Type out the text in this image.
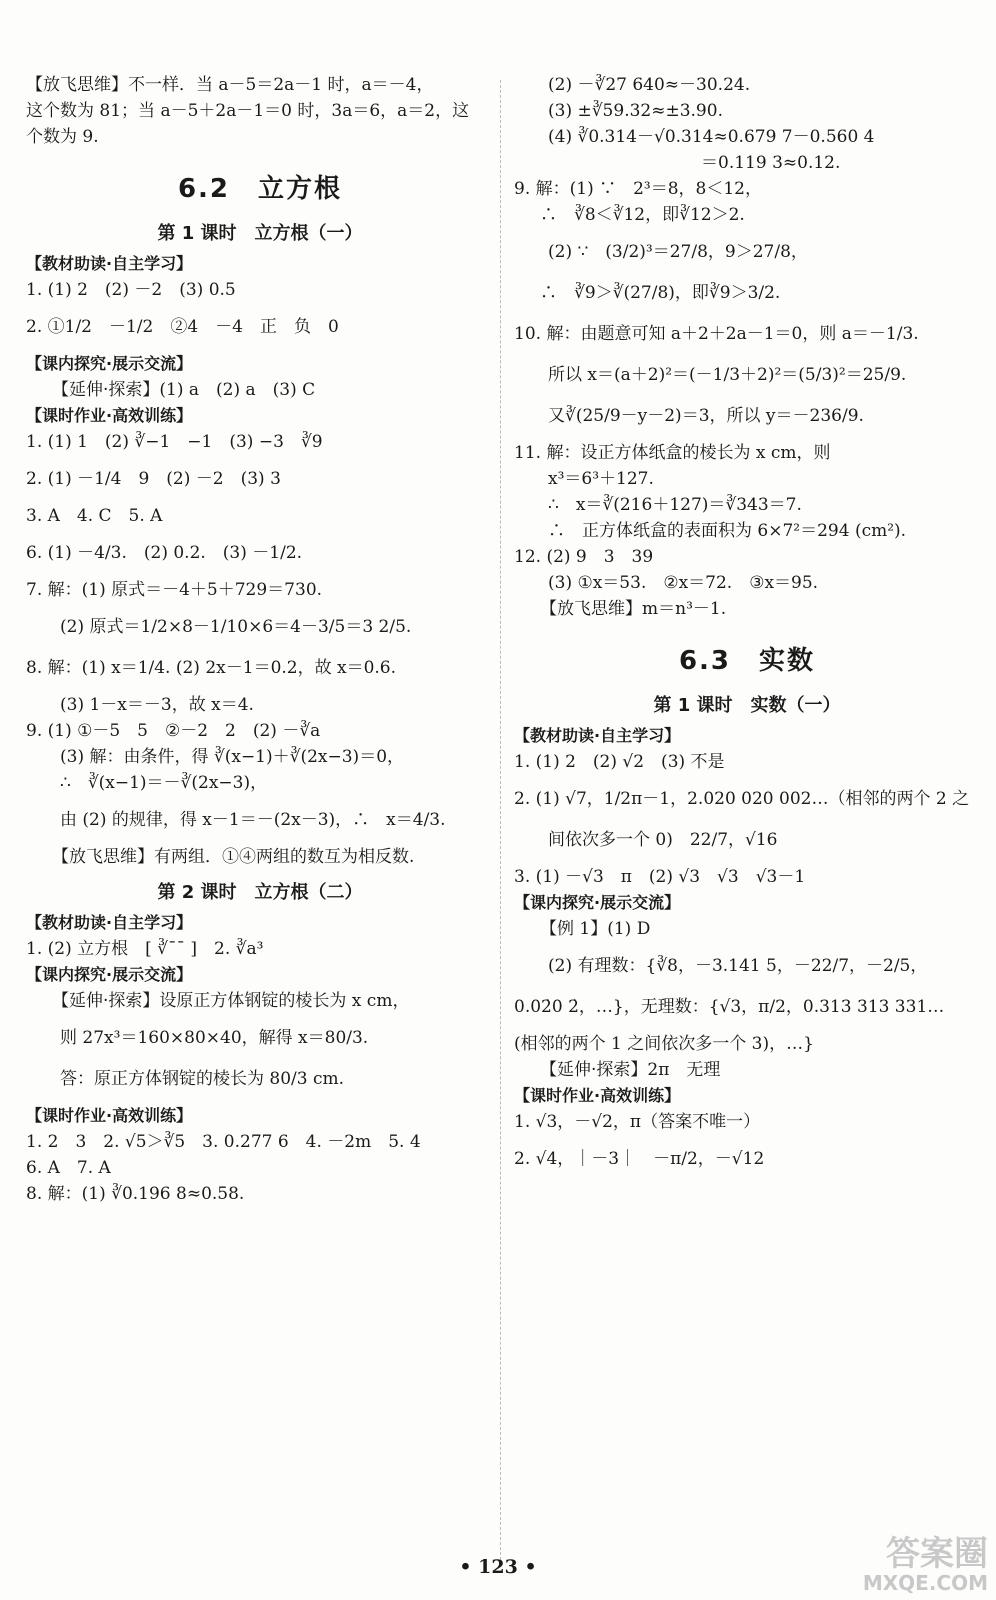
【放飞思维】不一样．当 a－5＝2a－1 时，a＝－4，
这个数为 81；当 a－5＋2a－1＝0 时，3a＝6，a＝2，这
个数为 9.
6.2　立方根
第 1 课时　立方根（一）
【教材助读·自主学习】
1. (1) 2　(2) －2　(3) 0.5
2. ①1/2　－1/2　②4　－4　正　负　0
【课内探究·展示交流】
【延伸·探索】(1) a　(2) a　(3) C
【课时作业·高效训练】
1. (1) 1　(2) ∛−1　−1　(3) −3　∛9
2. (1) －1/4　9　(2) －2　(3) 3
3. A　4. C　5. A
6. (1) －4/3.　(2) 0.2.　(3) －1/2.
7. 解：(1) 原式＝－4＋5＋729＝730.
(2) 原式＝1/2×8－1/10×6＝4－3/5＝3 2/5.
8. 解：(1) x＝1/4. (2) 2x－1＝0.2，故 x＝0.6.
(3) 1－x＝－3，故 x＝4.
9. (1) ①－5　5　②－2　2　(2) －∛a
(3) 解：由条件，得 ∛(x−1)＋∛(2x−3)＝0，
∴　∛(x−1)＝－∛(2x−3)，
由 (2) 的规律，得 x－1＝－(2x－3)，∴　x＝4/3.
【放飞思维】有两组．①④两组的数互为相反数.
第 2 课时　立方根（二）
【教材助读·自主学习】
1. (2) 立方根　[ ∛¯¯ ]　2. ∛a³
【课内探究·展示交流】
【延伸·探索】设原正方体钢锭的棱长为 x cm，
则 27x³＝160×80×40，解得 x＝80/3.
答：原正方体钢锭的棱长为 80/3 cm.
【课时作业·高效训练】
1. 2　3　2. √5＞∛5　3. 0.277 6　4. －2m　5. 4
6. A　7. A
8. 解：(1) ∛0.196 8≈0.58.
(2) －∛27 640≈－30.24.
(3) ±∛59.32≈±3.90.
(4) ∛0.314－√0.314≈0.679 7－0.560 4
　　　　　　　　　＝0.119 3≈0.12.
9. 解：(1) ∵　2³＝8，8＜12，
∴　∛8＜∛12，即∛12＞2.
(2) ∵　(3/2)³＝27/8，9＞27/8，
∴　∛9＞∛(27/8)，即∛9＞3/2.
10. 解：由题意可知 a＋2＋2a－1＝0，则 a＝－1/3.
所以 x＝(a＋2)²＝(－1/3＋2)²＝(5/3)²＝25/9.
又∛(25/9－y－2)＝3，所以 y＝－236/9.
11. 解：设正方体纸盒的棱长为 x cm，则
x³＝6³＋127.
∴　x＝∛(216＋127)＝∛343＝7.
∴　正方体纸盒的表面积为 6×7²＝294 (cm²).
12. (2) 9　3　39
(3) ①x＝53.　②x＝72.　③x＝95.
【放飞思维】m＝n³－1.
6.3　实数
第 1 课时　实数（一）
【教材助读·自主学习】
1. (1) 2　(2) √2　(3) 不是
2. (1) √7，1/2π－1，2.020 020 002…（相邻的两个 2 之
间依次多一个 0)　22/7，√16
3. (1) －√3　π　(2) √3　√3　√3－1
【课内探究·展示交流】
【例 1】(1) D
(2) 有理数：{∛8，－3.141 5，－22/7，－2/5，
0.02̇0 2̇，…}，无理数：{√3，π/2，0.313 313 331…
(相邻的两个 1 之间依次多一个 3)，…}
【延伸·探索】2π　无理
【课时作业·高效训练】
1. √3，－√2，π（答案不唯一）
2. √4，｜－3｜　－π/2，－√12
• 123 •	答案圈
MXQE.COM
